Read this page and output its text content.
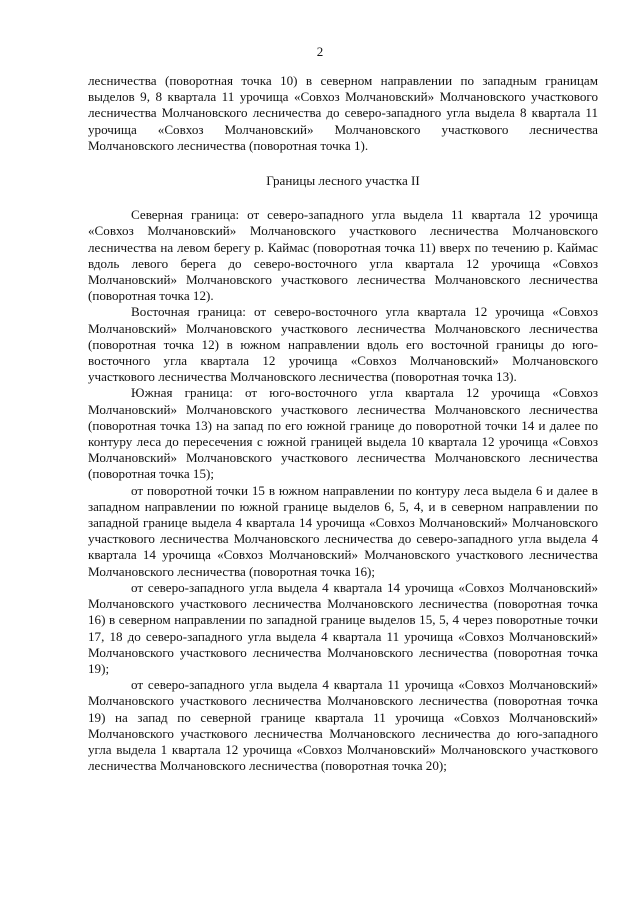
2

лесничества (поворотная точка 10) в северном направлении по западным границам выделов 9, 8 квартала 11 урочища «Совхоз Молчановский» Молчановского участкового лесничества Молчановского лесничества до северо-западного угла выдела 8 квартала 11 урочища «Совхоз Молчановский» Молчановского участкового лесничества Молчановского лесничества (поворотная точка 1).

Границы лесного участка II

Северная граница: от северо-западного угла выдела 11 квартала 12 урочища «Совхоз Молчановский» Молчановского участкового лесничества Молчановского лесничества на левом берегу р. Каймас (поворотная точка 11) вверх по течению р. Каймас вдоль левого берега до северо-восточного угла квартала 12 урочища «Совхоз Молчановский» Молчановского участкового лесничества Молчановского лесничества (поворотная точка 12).

Восточная граница: от северо-восточного угла квартала 12 урочища «Совхоз Молчановский» Молчановского участкового лесничества Молчановского лесничества (поворотная точка 12) в южном направлении вдоль его восточной границы до юго-восточного угла квартала 12 урочища «Совхоз Молчановский» Молчановского участкового лесничества Молчановского лесничества (поворотная точка 13).

Южная граница: от юго-восточного угла квартала 12 урочища «Совхоз Молчановский» Молчановского участкового лесничества Молчановского лесничества (поворотная точка 13) на запад по его южной границе до поворотной точки 14 и далее по контуру леса до пересечения с южной границей выдела 10 квартала 12 урочища «Совхоз Молчановский» Молчановского участкового лесничества Молчановского лесничества (поворотная точка 15);

от поворотной точки 15 в южном направлении по контуру леса выдела 6 и далее в западном направлении по южной границе выделов 6, 5, 4, и в северном направлении по западной границе выдела 4 квартала 14 урочища «Совхоз Молчановский» Молчановского участкового лесничества Молчановского лесничества до северо-западного угла выдела 4 квартала 14 урочища «Совхоз Молчановский» Молчановского участкового лесничества Молчановского лесничества (поворотная точка 16);

от северо-западного угла выдела 4 квартала 14 урочища «Совхоз Молчановский» Молчановского участкового лесничества Молчановского лесничества (поворотная точка 16) в северном направлении по западной границе выделов 15, 5, 4 через поворотные точки 17, 18 до северо-западного угла выдела 4 квартала 11 урочища «Совхоз Молчановский» Молчановского участкового лесничества Молчановского лесничества (поворотная точка 19);

от северо-западного угла выдела 4 квартала 11 урочища «Совхоз Молчановский» Молчановского участкового лесничества Молчановского лесничества (поворотная точка 19) на запад по северной границе квартала 11 урочища «Совхоз Молчановский» Молчановского участкового лесничества Молчановского лесничества до юго-западного угла выдела 1 квартала 12 урочища «Совхоз Молчановский» Молчановского участкового лесничества Молчановского лесничества (поворотная точка 20);
